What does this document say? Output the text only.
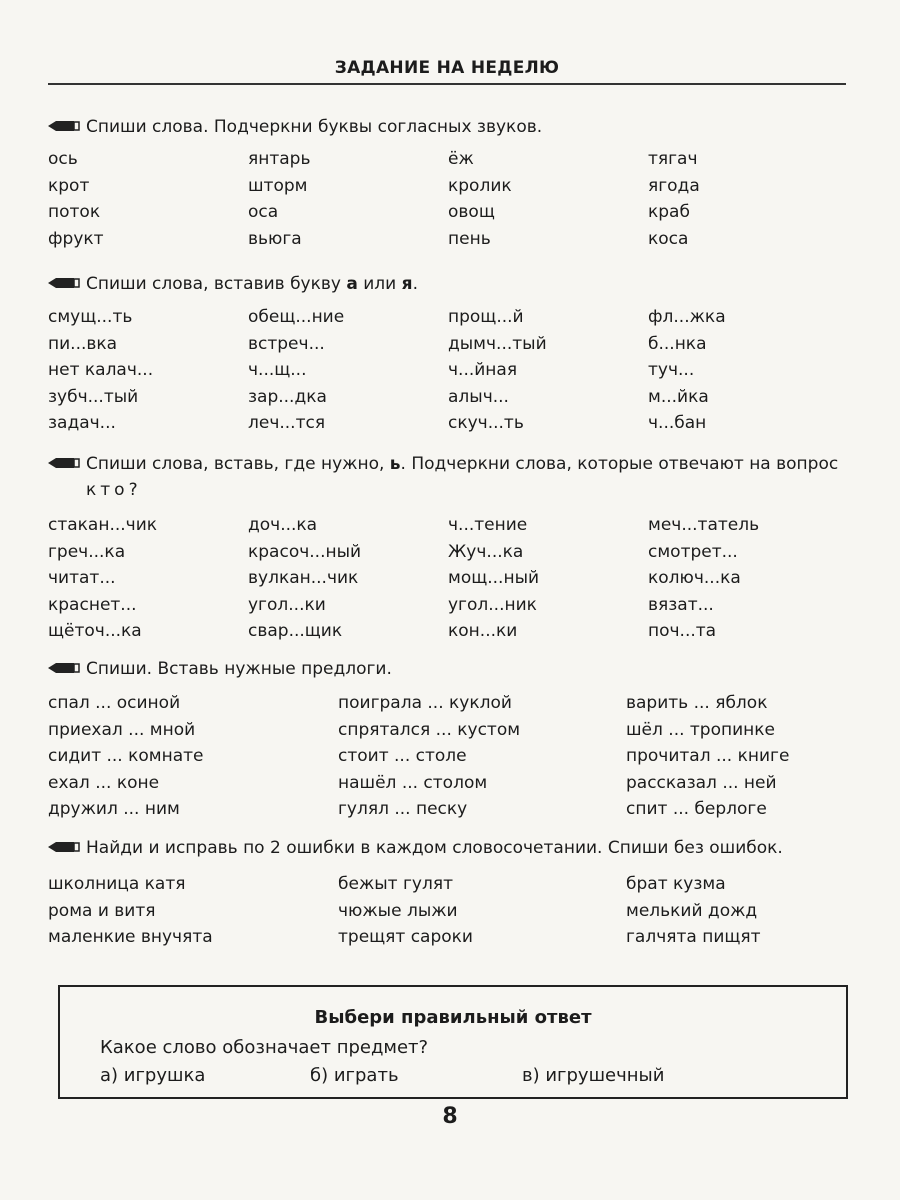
ЗАДАНИЕ НА НЕДЕЛЮ
Спиши слова. Подчеркни буквы согласных звуков.
ось	янтарь	ёж	тягач
крот	шторм	кролик	ягода
поток	оса	овощ	краб
фрукт	вьюга	пень	коса
Спиши слова, вставив букву а или я.
смущ...ть	обещ...ние	прощ...й	фл...жка
пи...вка	встреч...	дымч...тый	б...нка
нет калач...	ч...щ...	ч...йная	туч...
зубч...тый	зар...дка	алыч...	м...йка
задач...	леч...тся	скуч...ть	ч...бан
Спиши слова, вставь, где нужно, ь. Подчеркни слова, которые отвечают на вопрос кто?
стакан...чик	доч...ка	ч...тение	меч...татель
греч...ка	красоч...ный	Жуч...ка	смотрет...
читат...	вулкан...чик	мощ...ный	колюч...ка
краснет...	угол...ки	угол...ник	вязат...
щёточ...ка	свар...щик	кон...ки	поч...та
Спиши. Вставь нужные предлоги.
спал ... осиной	поиграла ... куклой	варить ... яблок
приехал ... мной	спрятался ... кустом	шёл ... тропинке
сидит ... комнате	стоит ... столе	прочитал ... книге
ехал ... коне	нашёл ... столом	рассказал ... ней
дружил ... ним	гулял ... песку	спит ... берлоге
Найди и исправь по 2 ошибки в каждом словосочетании. Спиши без ошибок.
школница катя	бежыт гулят	брат кузма
рома и витя	чюжые лыжи	мелький дожд
маленкие внучята	трещят сароки	галчята пищят
Выбери правильный ответ
Какое слово обозначает предмет?
а) игрушка	б) играть	в) игрушечный
8
